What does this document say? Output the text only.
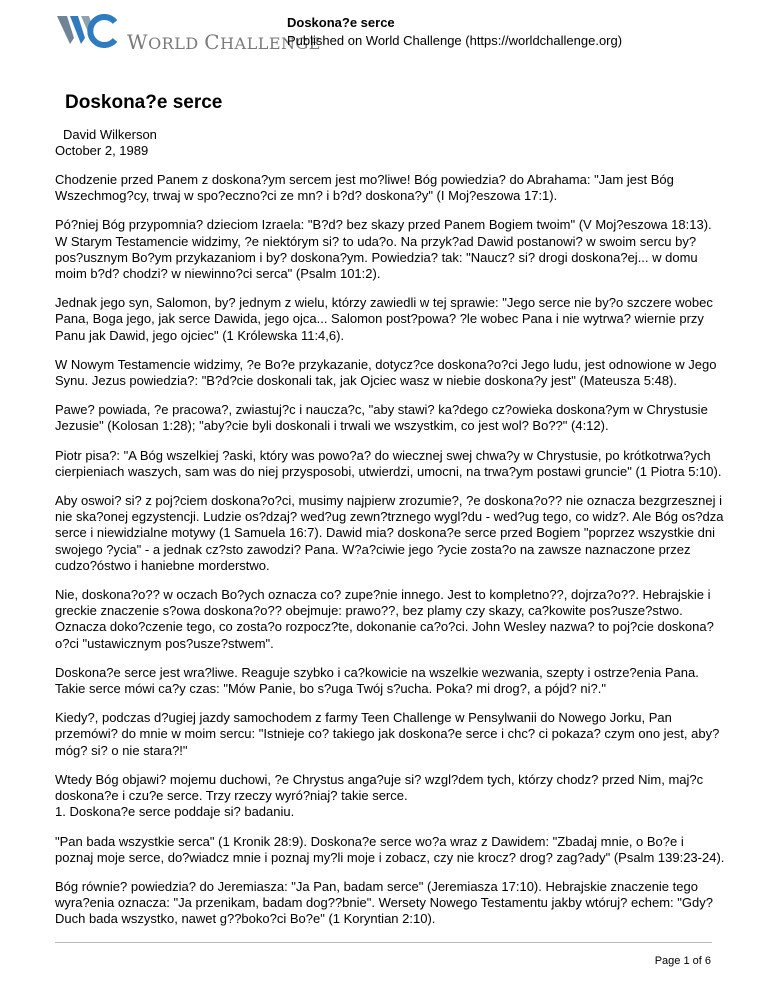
WORLD CHALLENGE
Doskona?e serce
Published on World Challenge (https://worldchallenge.org)
Doskona?e serce
David Wilkerson
October 2, 1989

Chodzenie przed Panem z doskona?ym sercem jest mo?liwe! Bóg powiedzia? do Abrahama: "Jam jest Bóg Wszechmog?cy, trwaj w spo?eczno?ci ze mn? i b?d? doskona?y" (I Moj?eszowa 17:1).

Pó?niej Bóg przypomnia? dzieciom Izraela: "B?d? bez skazy przed Panem Bogiem twoim" (V Moj?eszowa 18:13). W Starym Testamencie widzimy, ?e niektórym si? to uda?o. Na przyk?ad Dawid postanowi? w swoim sercu by? pos?usznym Bo?ym przykazaniom i by? doskona?ym. Powiedzia? tak: "Naucz? si? drogi doskona?ej... w domu moim b?d? chodzi? w niewinno?ci serca" (Psalm 101:2).

Jednak jego syn, Salomon, by? jednym z wielu, którzy zawiedli w tej sprawie: "Jego serce nie by?o szczere wobec Pana, Boga jego, jak serce Dawida, jego ojca... Salomon post?powa? ?le wobec Pana i nie wytrwa? wiernie przy Panu jak Dawid, jego ojciec" (1 Królewska 11:4,6).

W Nowym Testamencie widzimy, ?e Bo?e przykazanie, dotycz?ce doskona?o?ci Jego ludu, jest odnowione w Jego Synu. Jezus powiedzia?: "B?d?cie doskonali tak, jak Ojciec wasz w niebie doskona?y jest" (Mateusza 5:48).

Pawe? powiada, ?e pracowa?, zwiastuj?c i naucza?c, "aby stawi? ka?dego cz?owieka doskona?ym w Chrystusie Jezusie" (Kolosan 1:28); "aby?cie byli doskonali i trwali we wszystkim, co jest wol? Bo??" (4:12).

Piotr pisa?: "A Bóg wszelkiej ?aski, który was powo?a? do wiecznej swej chwa?y w Chrystusie, po krótkotrwa?ych cierpieniach waszych, sam was do niej przysposobi, utwierdzi, umocni, na trwa?ym postawi gruncie" (1 Piotra 5:10).

Aby oswoi? si? z poj?ciem doskona?o?ci, musimy najpierw zrozumie?, ?e doskona?o?? nie oznacza bezgrzesznej i nie ska?onej egzystencji. Ludzie os?dzaj? wed?ug zewn?trznego wygl?du - wed?ug tego, co widz?. Ale Bóg os?dza serce i niewidzialne motywy (1 Samuela 16:7). Dawid mia? doskona?e serce przed Bogiem "poprzez wszystkie dni swojego ?ycia" - a jednak cz?sto zawodzi? Pana. W?a?ciwie jego ?ycie zosta?o na zawsze naznaczone przez cudzo?óstwo i haniebne morderstwo.

Nie, doskona?o?? w oczach Bo?ych oznacza co? zupe?nie innego. Jest to kompletno??, dojrza?o??. Hebrajskie i greckie znaczenie s?owa doskona?o?? obejmuje: prawo??, bez plamy czy skazy, ca?kowite pos?usze?stwo. Oznacza doko?czenie tego, co zosta?o rozpocz?te, dokonanie ca?o?ci. John Wesley nazwa? to poj?cie doskona?o?ci "ustawicznym pos?usze?stwem".

Doskona?e serce jest wra?liwe. Reaguje szybko i ca?kowicie na wszelkie wezwania, szepty i ostrze?enia Pana. Takie serce mówi ca?y czas: "Mów Panie, bo s?uga Twój s?ucha. Poka? mi drog?, a pójd? ni?."

Kiedy?, podczas d?ugiej jazdy samochodem z farmy Teen Challenge w Pensylwanii do Nowego Jorku, Pan przemówi? do mnie w moim sercu: "Istnieje co? takiego jak doskona?e serce i chc? ci pokaza? czym ono jest, aby? móg? si? o nie stara?!"

Wtedy Bóg objawi? mojemu duchowi, ?e Chrystus anga?uje si? wzgl?dem tych, którzy chodz? przed Nim, maj?c doskona?e i czu?e serce. Trzy rzeczy wyró?niaj? takie serce.
1. Doskona?e serce poddaje si? badaniu.

"Pan bada wszystkie serca" (1 Kronik 28:9). Doskona?e serce wo?a wraz z Dawidem: "Zbadaj mnie, o Bo?e i poznaj moje serce, do?wiadcz mnie i poznaj my?li moje i zobacz, czy nie krocz? drog? zag?ady" (Psalm 139:23-24).

Bóg równie? powiedzia? do Jeremiasza: "Ja Pan, badam serce" (Jeremiasza 17:10). Hebrajskie znaczenie tego wyra?enia oznacza: "Ja przenikam, badam dog??bnie". Wersety Nowego Testamentu jakby wtóruj? echem: "Gdy? Duch bada wszystko, nawet g??boko?ci Bo?e" (1 Koryntian 2:10).

Page 1 of 6
